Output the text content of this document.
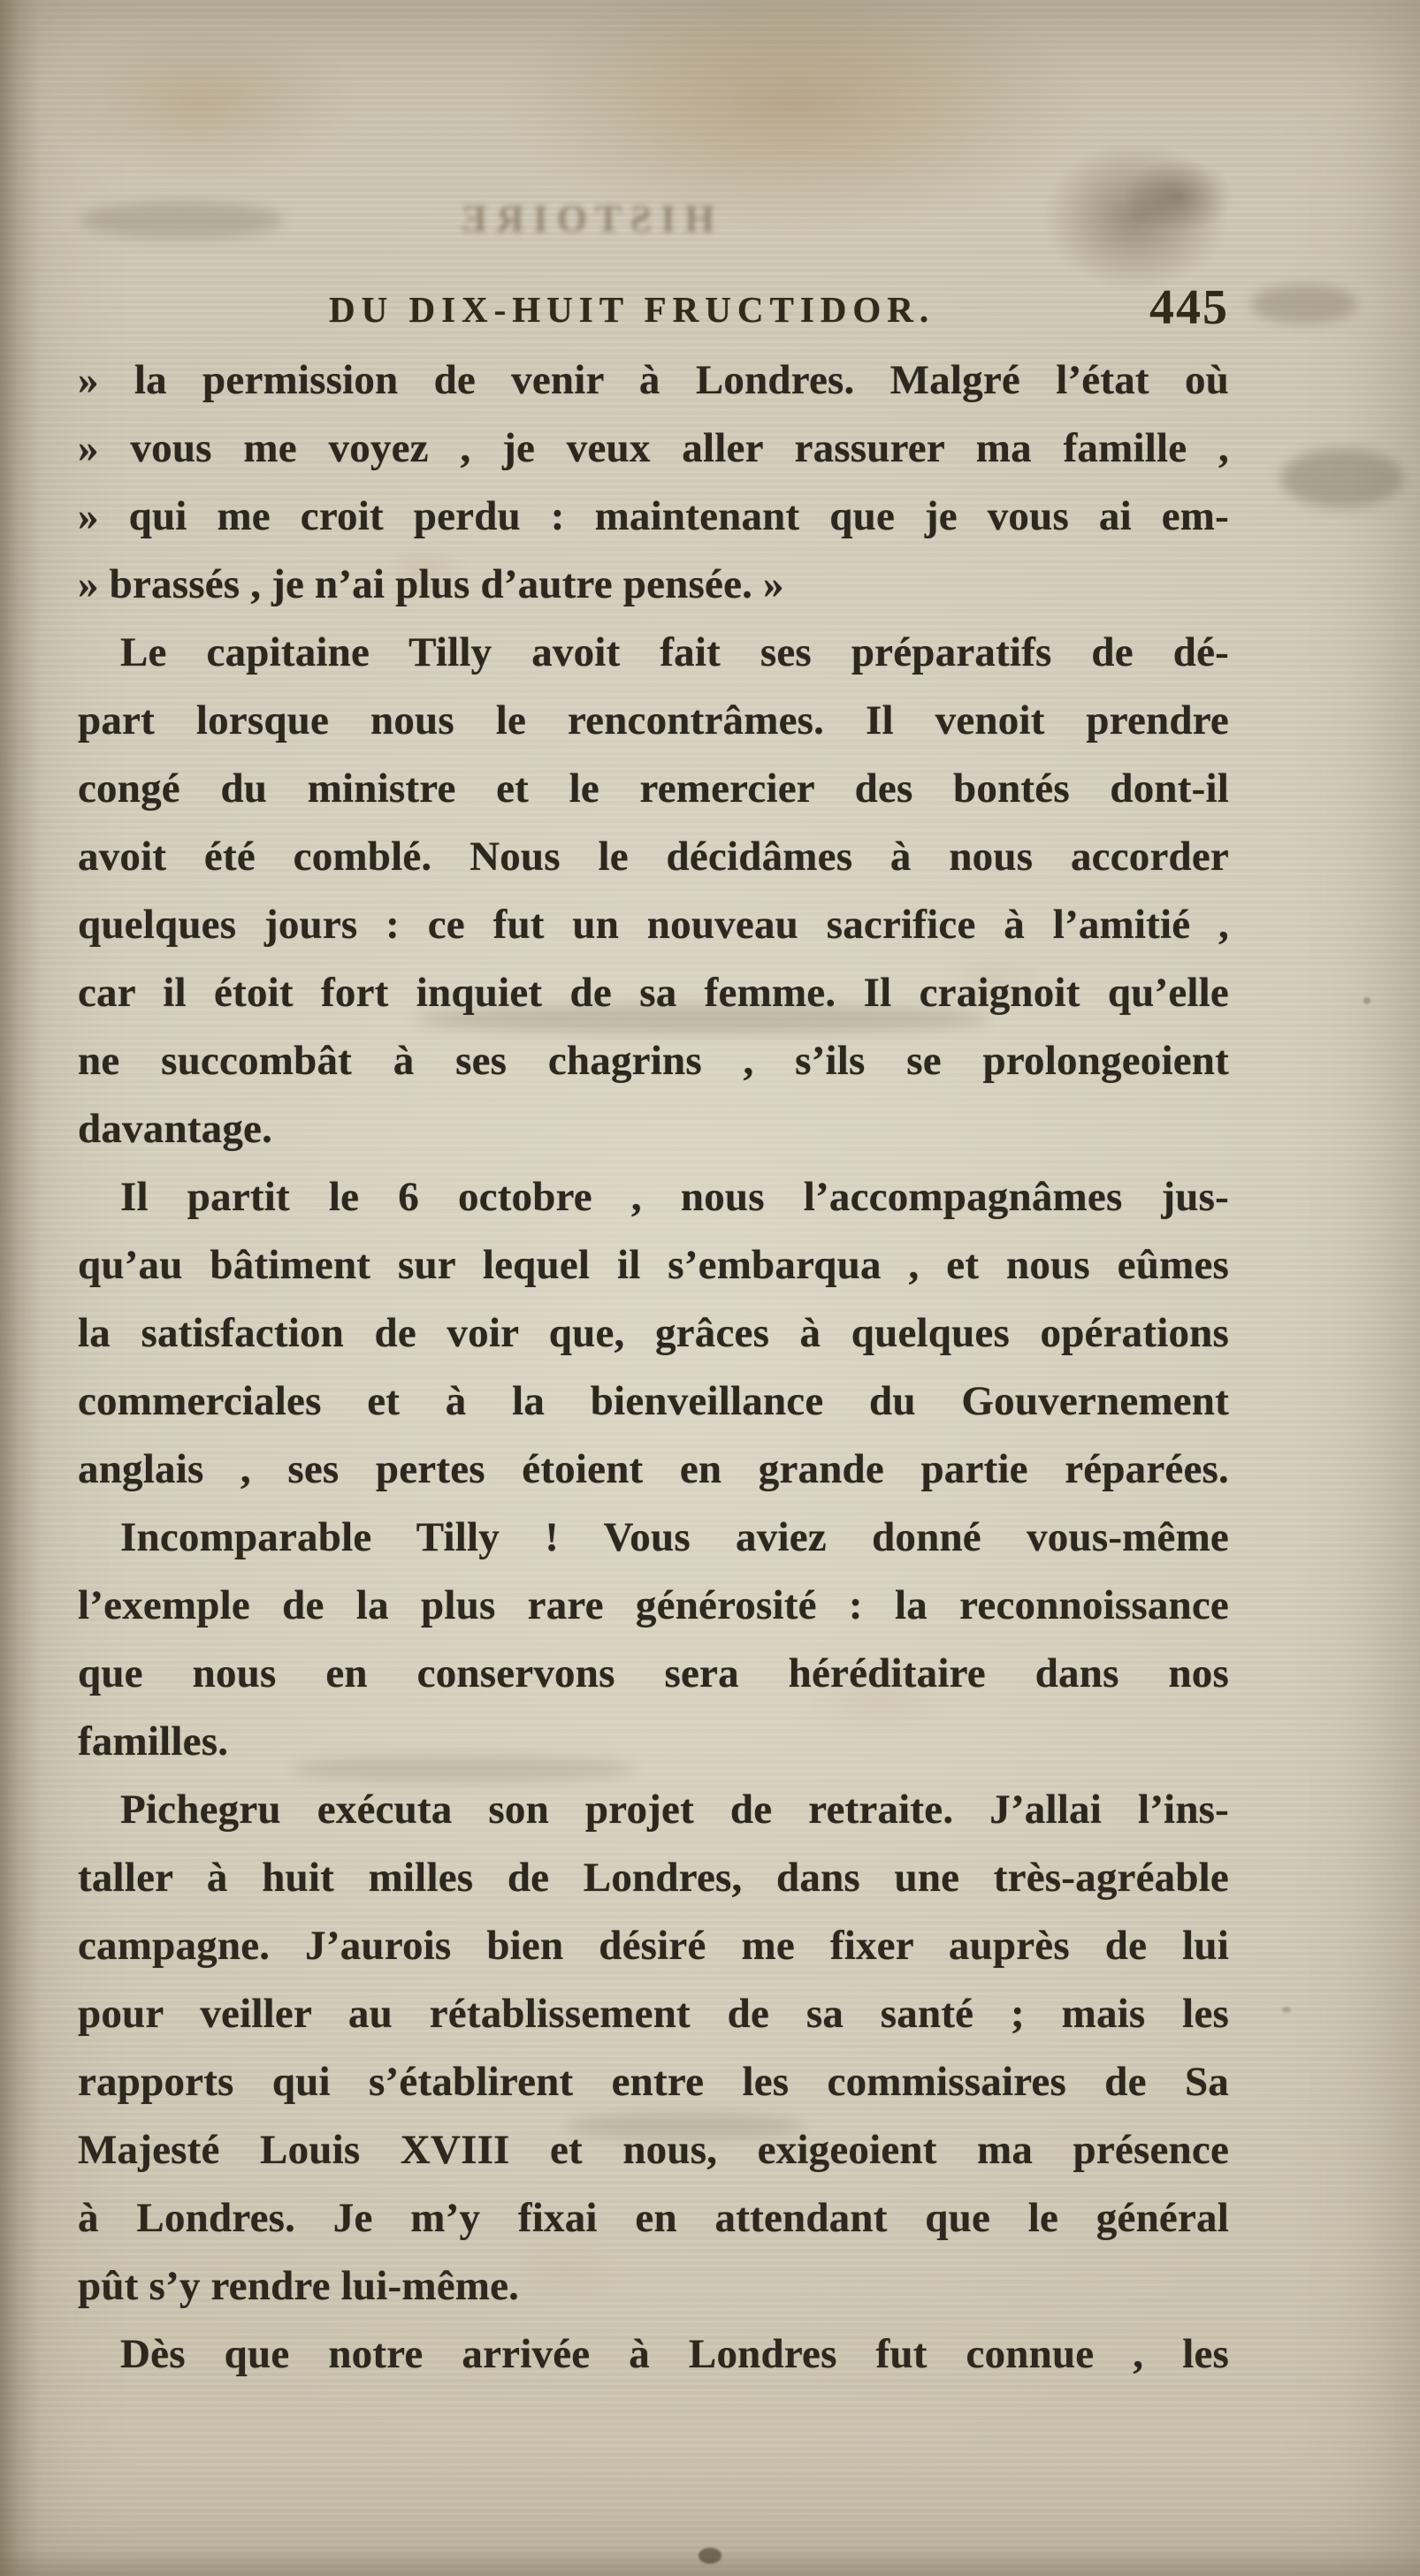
HISTOIRE
DU DIX-HUIT FRUCTIDOR.	445
» la permission de venir à Londres. Malgré l’état où
» vous me voyez , je veux aller rassurer ma famille ,
» qui me croit perdu : maintenant que je vous ai em-
» brassés , je n’ai plus d’autre pensée. »
Le capitaine Tilly avoit fait ses préparatifs de dé-
part lorsque nous le rencontrâmes. Il venoit prendre
congé du ministre et le remercier des bontés dont-il
avoit été comblé. Nous le décidâmes à nous accorder
quelques jours : ce fut un nouveau sacrifice à l’amitié ,
car il étoit fort inquiet de sa femme. Il craignoit qu’elle
ne succombât à ses chagrins , s’ils se prolongeoient
davantage.
Il partit le 6 octobre , nous l’accompagnâmes jus-
qu’au bâtiment sur lequel il s’embarqua , et nous eûmes
la satisfaction de voir que, grâces à quelques opérations
commerciales et à la bienveillance du Gouvernement
anglais , ses pertes étoient en grande partie réparées.
Incomparable Tilly ! Vous aviez donné vous-même
l’exemple de la plus rare générosité : la reconnoissance
que nous en conservons sera héréditaire dans nos
familles.
Pichegru exécuta son projet de retraite. J’allai l’ins-
taller à huit milles de Londres, dans une très-agréable
campagne. J’aurois bien désiré me fixer auprès de lui
pour veiller au rétablissement de sa santé ; mais les
rapports qui s’établirent entre les commissaires de Sa
Majesté Louis XVIII et nous, exigeoient ma présence
à Londres. Je m’y fixai en attendant que le général
pût s’y rendre lui-même.
Dès que notre arrivée à Londres fut connue , les
